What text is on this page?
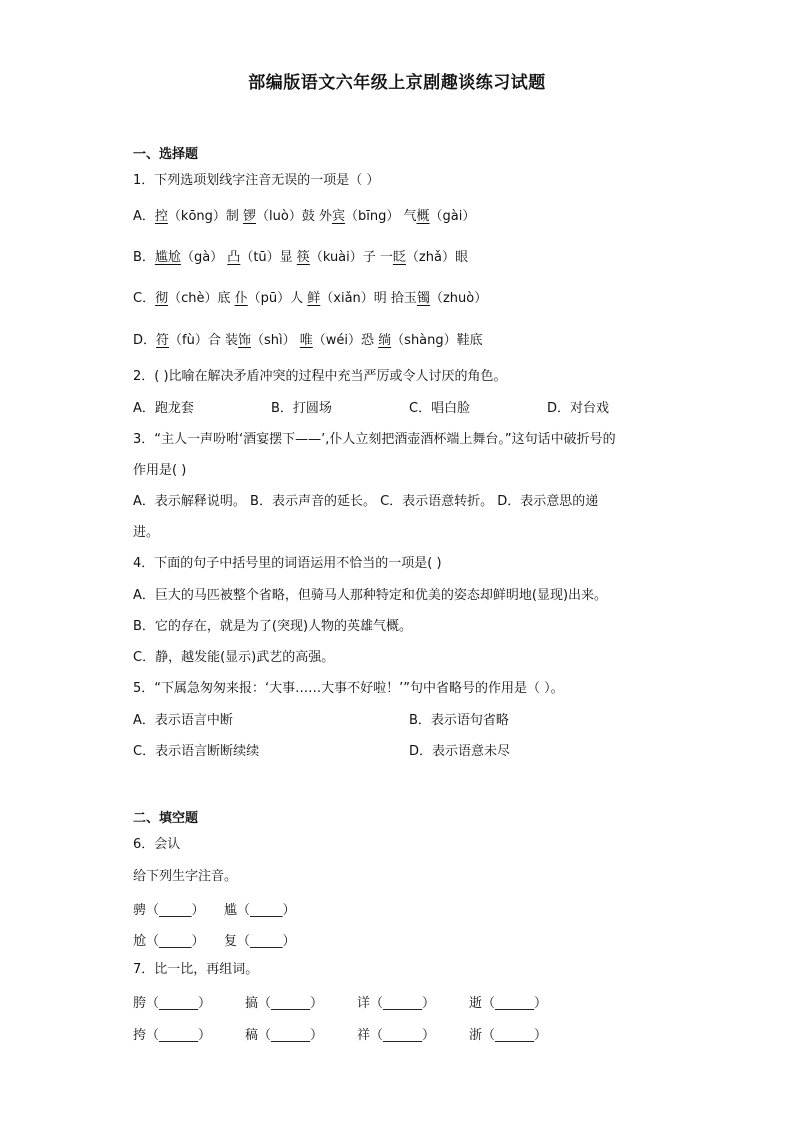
部编版语文六年级上京剧趣谈练习试题
一、选择题
1．下列选项划线字注音无误的一项是（ ）
A．控（kōng）制 锣（luò）鼓 外宾（bīng） 气概（gài）
B．尴尬（gà） 凸（tū）显 筷（kuài）子 一眨（zhǎ）眼
C．彻（chè）底 仆（pū）人 鲜（xiǎn）明 拾玉镯（zhuò）
D．符（fù）合 装饰（shì） 唯（wéi）恐 绱（shàng）鞋底
2．( )比喻在解决矛盾冲突的过程中充当严厉或令人讨厌的角色。
A．跑龙套	B．打圆场	C．唱白脸	D．对台戏
3．“主人一声吩咐‘酒宴摆下——’,仆人立刻把酒壶酒杯端上舞台。”这句话中破折号的
作用是( )
A．表示解释说明。 B．表示声音的延长。 C．表示语意转折。 D．表示意思的递
进。
4．下面的句子中括号里的词语运用不恰当的一项是( )
A．巨大的马匹被整个省略，但骑马人那种特定和优美的姿态却鲜明地(显现)出来。
B．它的存在，就是为了(突现)人物的英雄气概。
C．静，越发能(显示)武艺的高强。
5．“下属急匆匆来报：‘大事……大事不好啦！’”句中省略号的作用是（ ）。
A．表示语言中断	B．表示语句省略
C．表示语言断断续续	D．表示语意未尽
二、填空题
6．会认
给下列生字注音。
骋（_____） 尴（_____）
尬（_____） 复（_____）
7．比一比，再组词。
胯（______）	搞（______）	详（______）	逝（______）
挎（______）	稿（______）	祥（______）	浙（______）
